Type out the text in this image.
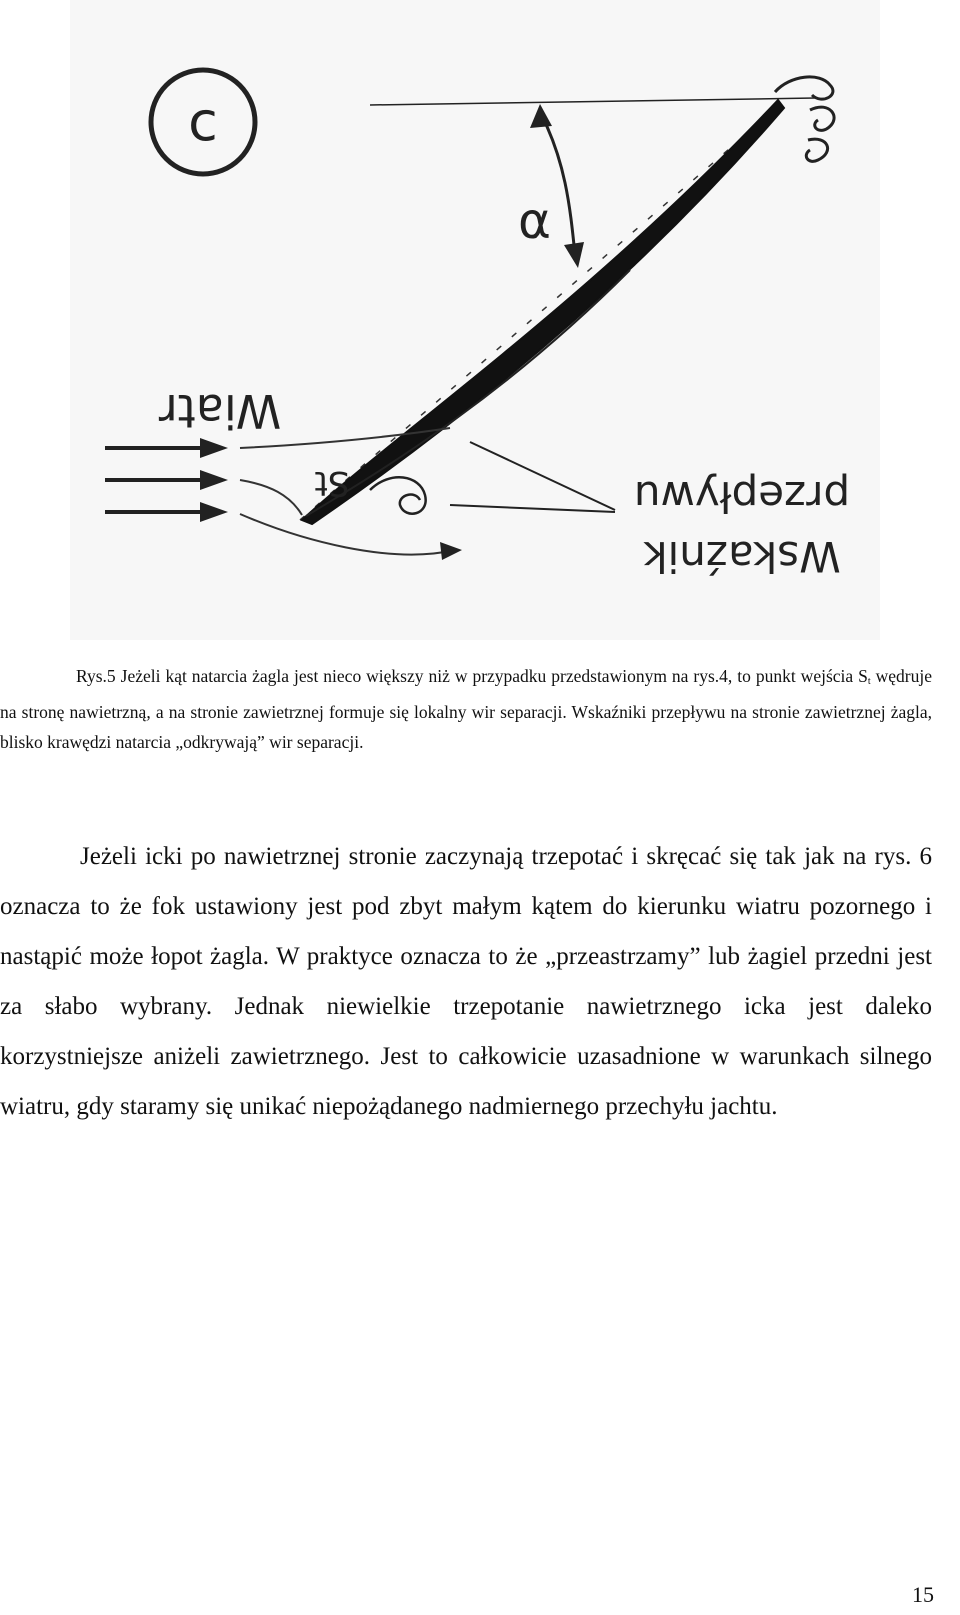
c
α
Wiatr
St
Wskaźnik
przepływu

Rys.5 Jeżeli kąt natarcia żagla jest nieco większy niż w przypadku przedstawionym na rys.4, to punkt wejścia $S_t$ wędruje na stronę nawietrzną, a na stronie zawietrznej formuje się lokalny wir separacji. Wskaźniki przepływu na stronie zawietrznej żagla, blisko krawędzi natarcia „odkrywają” wir separacji.

Jeżeli icki po nawietrznej stronie zaczynają trzepotać i skręcać się tak jak na rys. 6 oznacza to że fok ustawiony jest pod zbyt małym kątem do kierunku wiatru pozornego i nastąpić może łopot żagla. W praktyce oznacza to że „przeastrzamy” lub żagiel przedni jest za słabo wybrany. Jednak niewielkie trzepotanie nawietrznego icka jest daleko korzystniejsze aniżeli zawietrznego. Jest to całkowicie uzasadnione w warunkach silnego wiatru, gdy staramy się unikać niepożądanego nadmiernego przechyłu jachtu.

15
